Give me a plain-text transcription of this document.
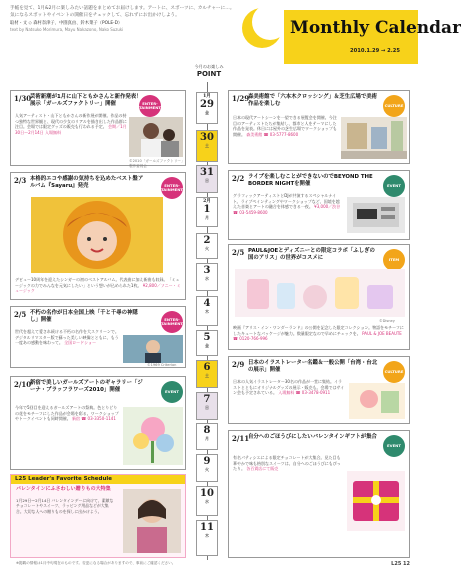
手帳を見て、1月&2月に楽しみたい話題をまとめてお届けします。アートに、スポーツに、カルチャーに…。気になるスポットやイベントの開催日をチェックして、忘れずにお出かけしよう。

取材・文 ◇ 森村奈津子、中園真由、鈴木菜子（POLE-D）
text by Natsuko Morimura, Mayu Nakazono, Nako Suzuki	Monthly Calendar
2010.1.29 → 2.25
今月のお楽しみ
POINT
1月
29
金
30
土
31
日
2月
1
月
2
火
3
水
4
木
5
金
6
土
7
日
8
月
9
火
10
水
11
木
1/30
芸術新潮が1月に山下ともかさんと新作発表！展示「ガールズファクトリー」開催	ENTER-TAINMENT
人気アーティスト・山下ともかさんの新作展が開催。作品の持つ独特な世界観と、現代の少女のリアルを描き出した作品群に注目。会場では限定グッズの販売も行われる予定。 会期／1月30日〜2月14日 入場無料
©2010「ガールズファクトリー」製作委員会
1/29
森美術館で「六本木クロッシング」＆芝生広場で美術作品を楽しむ	CULTURE
日本の現代アートシーンを一望できる展覧会を開催。今注目のアーティストたちが集結し、都市と人をテーマにした作品を発表。休日には屋外の芝生広場でワークショップも開催。 森美術館 ☎ 03-5777-8600
2/3 本格的エコや感謝の気持ちを込めたベスト盤アルバム『Sayaru』発売	ENTER-TAINMENT
デビュー10周年を迎えたシンガーの初のベストアルバム。代表曲に加え新曲も収録。「ミュージックの力でみんなを元気にしたい」という想いが込められた1枚。 ¥2,800／ソニー・ミュージック
2/2 ライブを楽しむことができないのでBEYOND THE BORDER NIGHTを開催	EVENT
グラフィックアーティストとDJが共演するスペシャルナイト。ライブペインティングやワークショップなど、国境を越えた音楽とアートの融合を体感できる一夜。 ¥3,000／渋谷 ☎ 03-5459-8600
2/5 PAUL&JOEとディズニーとの限定コラボ「ふしぎの国のアリス」の世界がコスメに	ITEM
©Disney
映画『アリス・イン・ワンダーランド』の公開を記念した限定コレクション。物語をモチーフにしたキュートなパッケージが魅力。数量限定なので早めにチェックを。 PAUL & JOE BEAUTE ☎ 0120-766-996
2/5 不朽の名作が日本全国上映「千と千尋の神隠し」開催	ENTER-TAINMENT
世代を超えて愛され続ける不朽の名作を大スクリーンで。デジタルリマスター版で蘇った美しい映像とともに、もう一度あの感動を味わって。 全国ロードショー
©1969 Criterion	2/9 日本のイラストレーター名鑑＆一般公開「台湾・台北の展示」開催	CULTURE
日本の人気イラストレーター30名の作品が一堂に集結。イラストとともにオリジナルグッズの展示・販売も。会場ではサイン会も予定されている。 入場無料 ☎ 03-3478-0911
2/10
新宿で美しいガールズアートのギャラリー「ジーナ・ブラッフラワーズ2010」開催	EVENT
今年で5回目を迎えるガールズアートの祭典。色とりどりの花をモチーフにした作品が会場を彩る。ワークショップやトークイベントも同時開催。 新宿 ☎ 03-3350-1141
2/11
自分へのごほうびにしたいバレンタインギフトが集合
EVENT
有名パティシエによる限定チョコレートが大集合。見た目も華やかで味も格別なスイーツは、自分へのごほうびにもぴったり。 各百貨店にて販売
L25 Leader's Favorite Schedule
バレンタインにふさわしい贈りもの大特集
1月29日〜2月14日 バレンタインデーに向けて、素敵なチョコレートやスイーツ、ラッピング用品などが大集合。大切な人への贈りものを探しに出かけよう。
※掲載の情報は1月中旬現在のものです。変更になる場合がありますので、事前にご確認ください。	L25 12
